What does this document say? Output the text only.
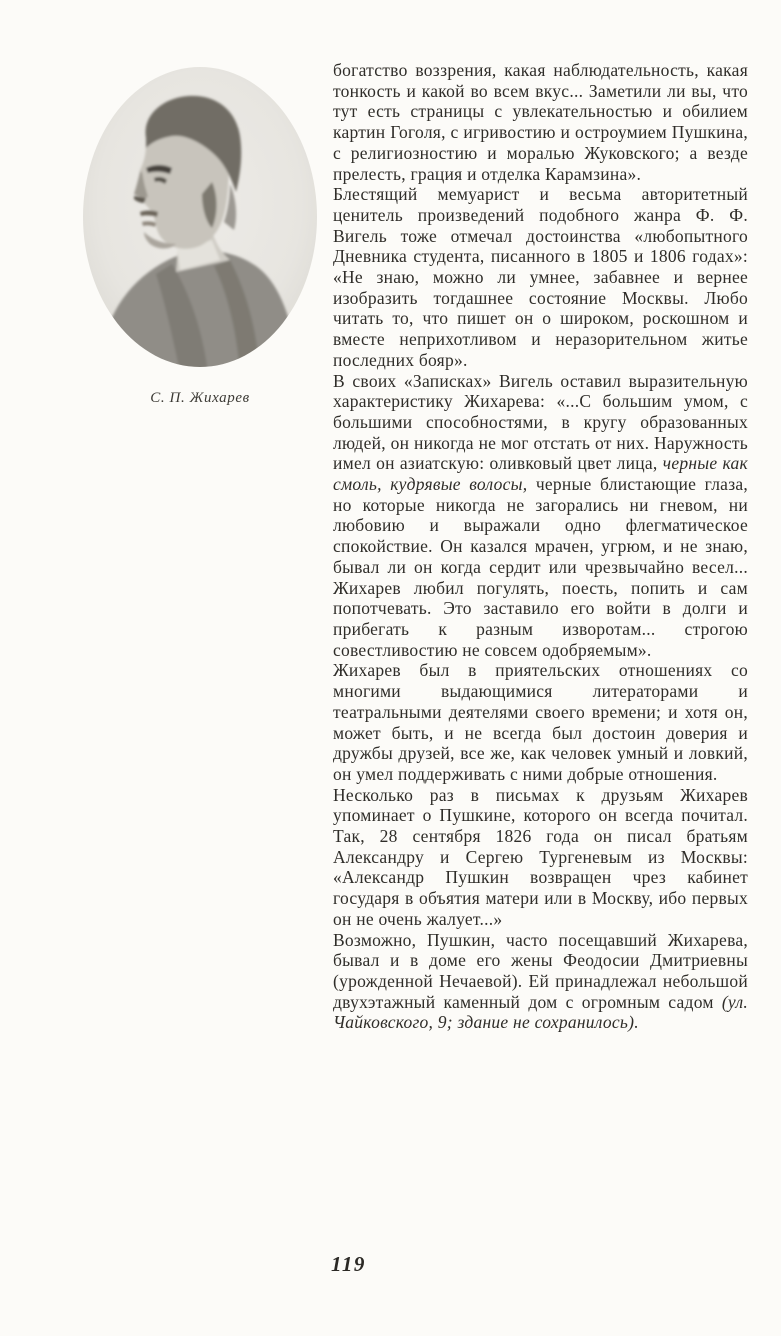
С. П. Жихарев

богатство воззрения, какая наблюдательность, какая тонкость и какой во всем вкус... Заметили ли вы, что тут есть страницы с увлекательностью и обилием картин Гоголя, с игривостию и остроумием Пушкина, с религиозностию и моралью Жуковского; а везде прелесть, грация и отделка Карамзина».

Блестящий мемуарист и весьма авторитетный ценитель произведений подобного жанра Ф. Ф. Вигель тоже отмечал достоинства «любопытного Дневника студента, писанного в 1805 и 1806 годах»: «Не знаю, можно ли умнее, забавнее и вернее изобразить тогдашнее состояние Москвы. Любо читать то, что пишет он о широком, роскошном и вместе неприхотливом и неразорительном житье последних бояр».

В своих «Записках» Вигель оставил выразительную характеристику Жихарева: «...С большим умом, с большими способностями, в кругу образованных людей, он никогда не мог отстать от них. Наружность имел он азиатскую: оливковый цвет лица, черные как смоль, кудрявые волосы, черные блистающие глаза, но которые никогда не загорались ни гневом, ни любовию и выражали одно флегматическое спокойствие. Он казался мрачен, угрюм, и не знаю, бывал ли он когда сердит или чрезвычайно весел... Жихарев любил погулять, поесть, попить и сам попотчевать. Это заставило его войти в долги и прибегать к разным изворотам... строгою совестливостию не совсем одобряемым».

Жихарев был в приятельских отношениях со многими выдающимися литераторами и театральными деятелями своего времени; и хотя он, может быть, и не всегда был достоин доверия и дружбы друзей, все же, как человек умный и ловкий, он умел поддерживать с ними добрые отношения.

Несколько раз в письмах к друзьям Жихарев упоминает о Пушкине, которого он всегда почитал. Так, 28 сентября 1826 года он писал братьям Александру и Сергею Тургеневым из Москвы: «Александр Пушкин возвращен чрез кабинет государя в объятия матери или в Москву, ибо первых он не очень жалует...»

Возможно, Пушкин, часто посещавший Жихарева, бывал и в доме его жены Феодосии Дмитриевны (урожденной Нечаевой). Ей принадлежал небольшой двухэтажный каменный дом с огромным садом (ул. Чайковского, 9; здание не сохранилось).

119
